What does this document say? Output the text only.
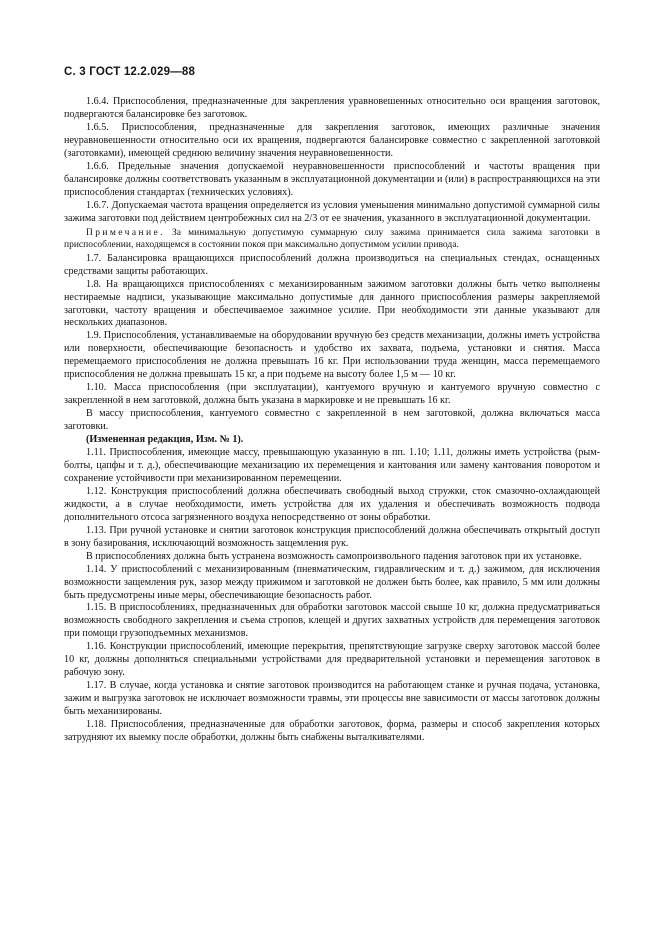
С. 3 ГОСТ 12.2.029—88

1.6.4. Приспособления, предназначенные для закрепления уравновешенных относительно оси вращения заготовок, подвергаются балансировке без заготовок.

1.6.5. Приспособления, предназначенные для закрепления заготовок, имеющих различные значения неуравновешенности относительно оси их вращения, подвергаются балансировке совместно с закрепленной заготовкой (заготовками), имеющей среднюю величину значения неуравновешенности.

1.6.6. Предельные значения допускаемой неуравновешенности приспособлений и частоты вращения при балансировке должны соответствовать указанным в эксплуатационной документации и (или) в распространяющихся на эти приспособления стандартах (технических условиях).

1.6.7. Допускаемая частота вращения определяется из условия уменьшения минимально допустимой суммарной силы зажима заготовки под действием центробежных сил на 2/3 от ее значения, указанного в эксплуатационной документации.

Примечание. За минимальную допустимую суммарную силу зажима принимается сила зажима заготовки в приспособлении, находящемся в состоянии покоя при максимально допустимом усилии привода.

1.7. Балансировка вращающихся приспособлений должна производиться на специальных стендах, оснащенных средствами защиты работающих.

1.8. На вращающихся приспособлениях с механизированным зажимом заготовки должны быть четко выполнены нестираемые надписи, указывающие максимально допустимые для данного приспособления размеры закрепляемой заготовки, частоту вращения и обеспечиваемое зажимное усилие. При необходимости эти данные указывают для нескольких диапазонов.

1.9. Приспособления, устанавливаемые на оборудовании вручную без средств механизации, должны иметь устройства или поверхности, обеспечивающие безопасность и удобство их захвата, подъема, установки и снятия. Масса перемещаемого приспособления не должна превышать 16 кг. При использовании труда женщин, масса перемещаемого приспособления не должна превышать 15 кг, а при подъеме на высоту более 1,5 м — 10 кг.

1.10. Масса приспособления (при эксплуатации), кантуемого вручную и кантуемого вручную совместно с закрепленной в нем заготовкой, должна быть указана в маркировке и не превышать 16 кг.

В массу приспособления, кантуемого совместно с закрепленной в нем заготовкой, должна включаться масса заготовки.

(Измененная редакция, Изм. № 1).

1.11. Приспособления, имеющие массу, превышающую указанную в пп. 1.10; 1.11, должны иметь устройства (рым-болты, цапфы и т. д.), обеспечивающие механизацию их перемещения и кантования или замену кантования поворотом и сохранение устойчивости при механизированном перемещении.

1.12. Конструкция приспособлений должна обеспечивать свободный выход стружки, сток смазочно-охлаждающей жидкости, а в случае необходимости, иметь устройства для их удаления и обеспечивать возможность подвода дополнительного отсоса загрязненного воздуха непосредственно от зоны обработки.

1.13. При ручной установке и снятии заготовок конструкция приспособлений должна обеспечивать открытый доступ в зону базирования, исключающий возможность защемления рук.

В приспособлениях должна быть устранена возможность самопроизвольного падения заготовок при их установке.

1.14. У приспособлений с механизированным (пневматическим, гидравлическим и т. д.) зажимом, для исключения возможности защемления рук, зазор между прижимом и заготовкой не должен быть более, как правило, 5 мм или должны быть предусмотрены иные меры, обеспечивающие безопасность работ.

1.15. В приспособлениях, предназначенных для обработки заготовок массой свыше 10 кг, должна предусматриваться возможность свободного закрепления и съема стропов, клещей и других захватных устройств для перемещения заготовок при помощи грузоподъемных механизмов.

1.16. Конструкции приспособлений, имеющие перекрытия, препятствующие загрузке сверху заготовок массой более 10 кг, должны дополняться специальными устройствами для предварительной установки и перемещения заготовок в рабочую зону.

1.17. В случае, когда установка и снятие заготовок производится на работающем станке и ручная подача, установка, зажим и выгрузка заготовок не исключает возможности травмы, эти процессы вне зависимости от массы заготовок должны быть механизированы.

1.18. Приспособления, предназначенные для обработки заготовок, форма, размеры и способ закрепления которых затрудняют их выемку после обработки, должны быть снабжены выталкивателями.
